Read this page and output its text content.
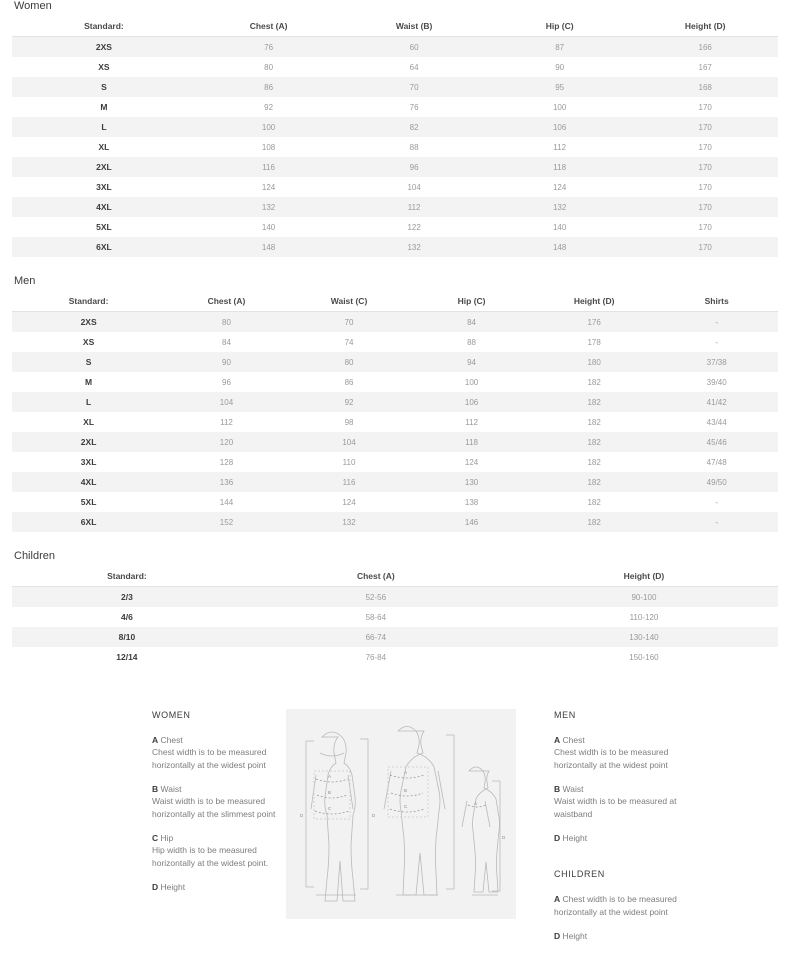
Women
Standard:	Chest (A)	Waist (B)	Hip (C)	Height (D)
2XS	76	60	87	166
XS	80	64	90	167
S	86	70	95	168
M	92	76	100	170
L	100	82	106	170
XL	108	88	112	170
2XL	116	96	118	170
3XL	124	104	124	170
4XL	132	112	132	170
5XL	140	122	140	170
6XL	148	132	148	170
Men
Standard:	Chest (A)	Waist (C)	Hip (C)	Height (D)	Shirts
2XS	80	70	84	176	-
XS	84	74	88	178	-
S	90	80	94	180	37/38
M	96	86	100	182	39/40
L	104	92	106	182	41/42
XL	112	98	112	182	43/44
2XL	120	104	118	182	45/46
3XL	128	110	124	182	47/48
4XL	136	116	130	182	49/50
5XL	144	124	138	182	-
6XL	152	132	146	182	-
Children
Standard:	Chest (A)	Height (D)
2/3	52-56	90-100
4/6	58-64	110-120
8/10	66-74	130-140
12/14	76-84	150-160
WOMEN
A Chest
Chest width is to be measured horizontally at the widest point
B Waist
Waist width is to be measured horizontally at the slimmest point
C Hip
Hip width is to be measured horizontally at the widest point.
D Height
A
B
C
D
A
B
C
D
A
D
MEN
A Chest
Chest width is to be measured horizontally at the widest point
B Waist
Waist width is to be measured at waistband
D Height
CHILDREN
A Chest width is to be measured horizontally at the widest point
D Height
